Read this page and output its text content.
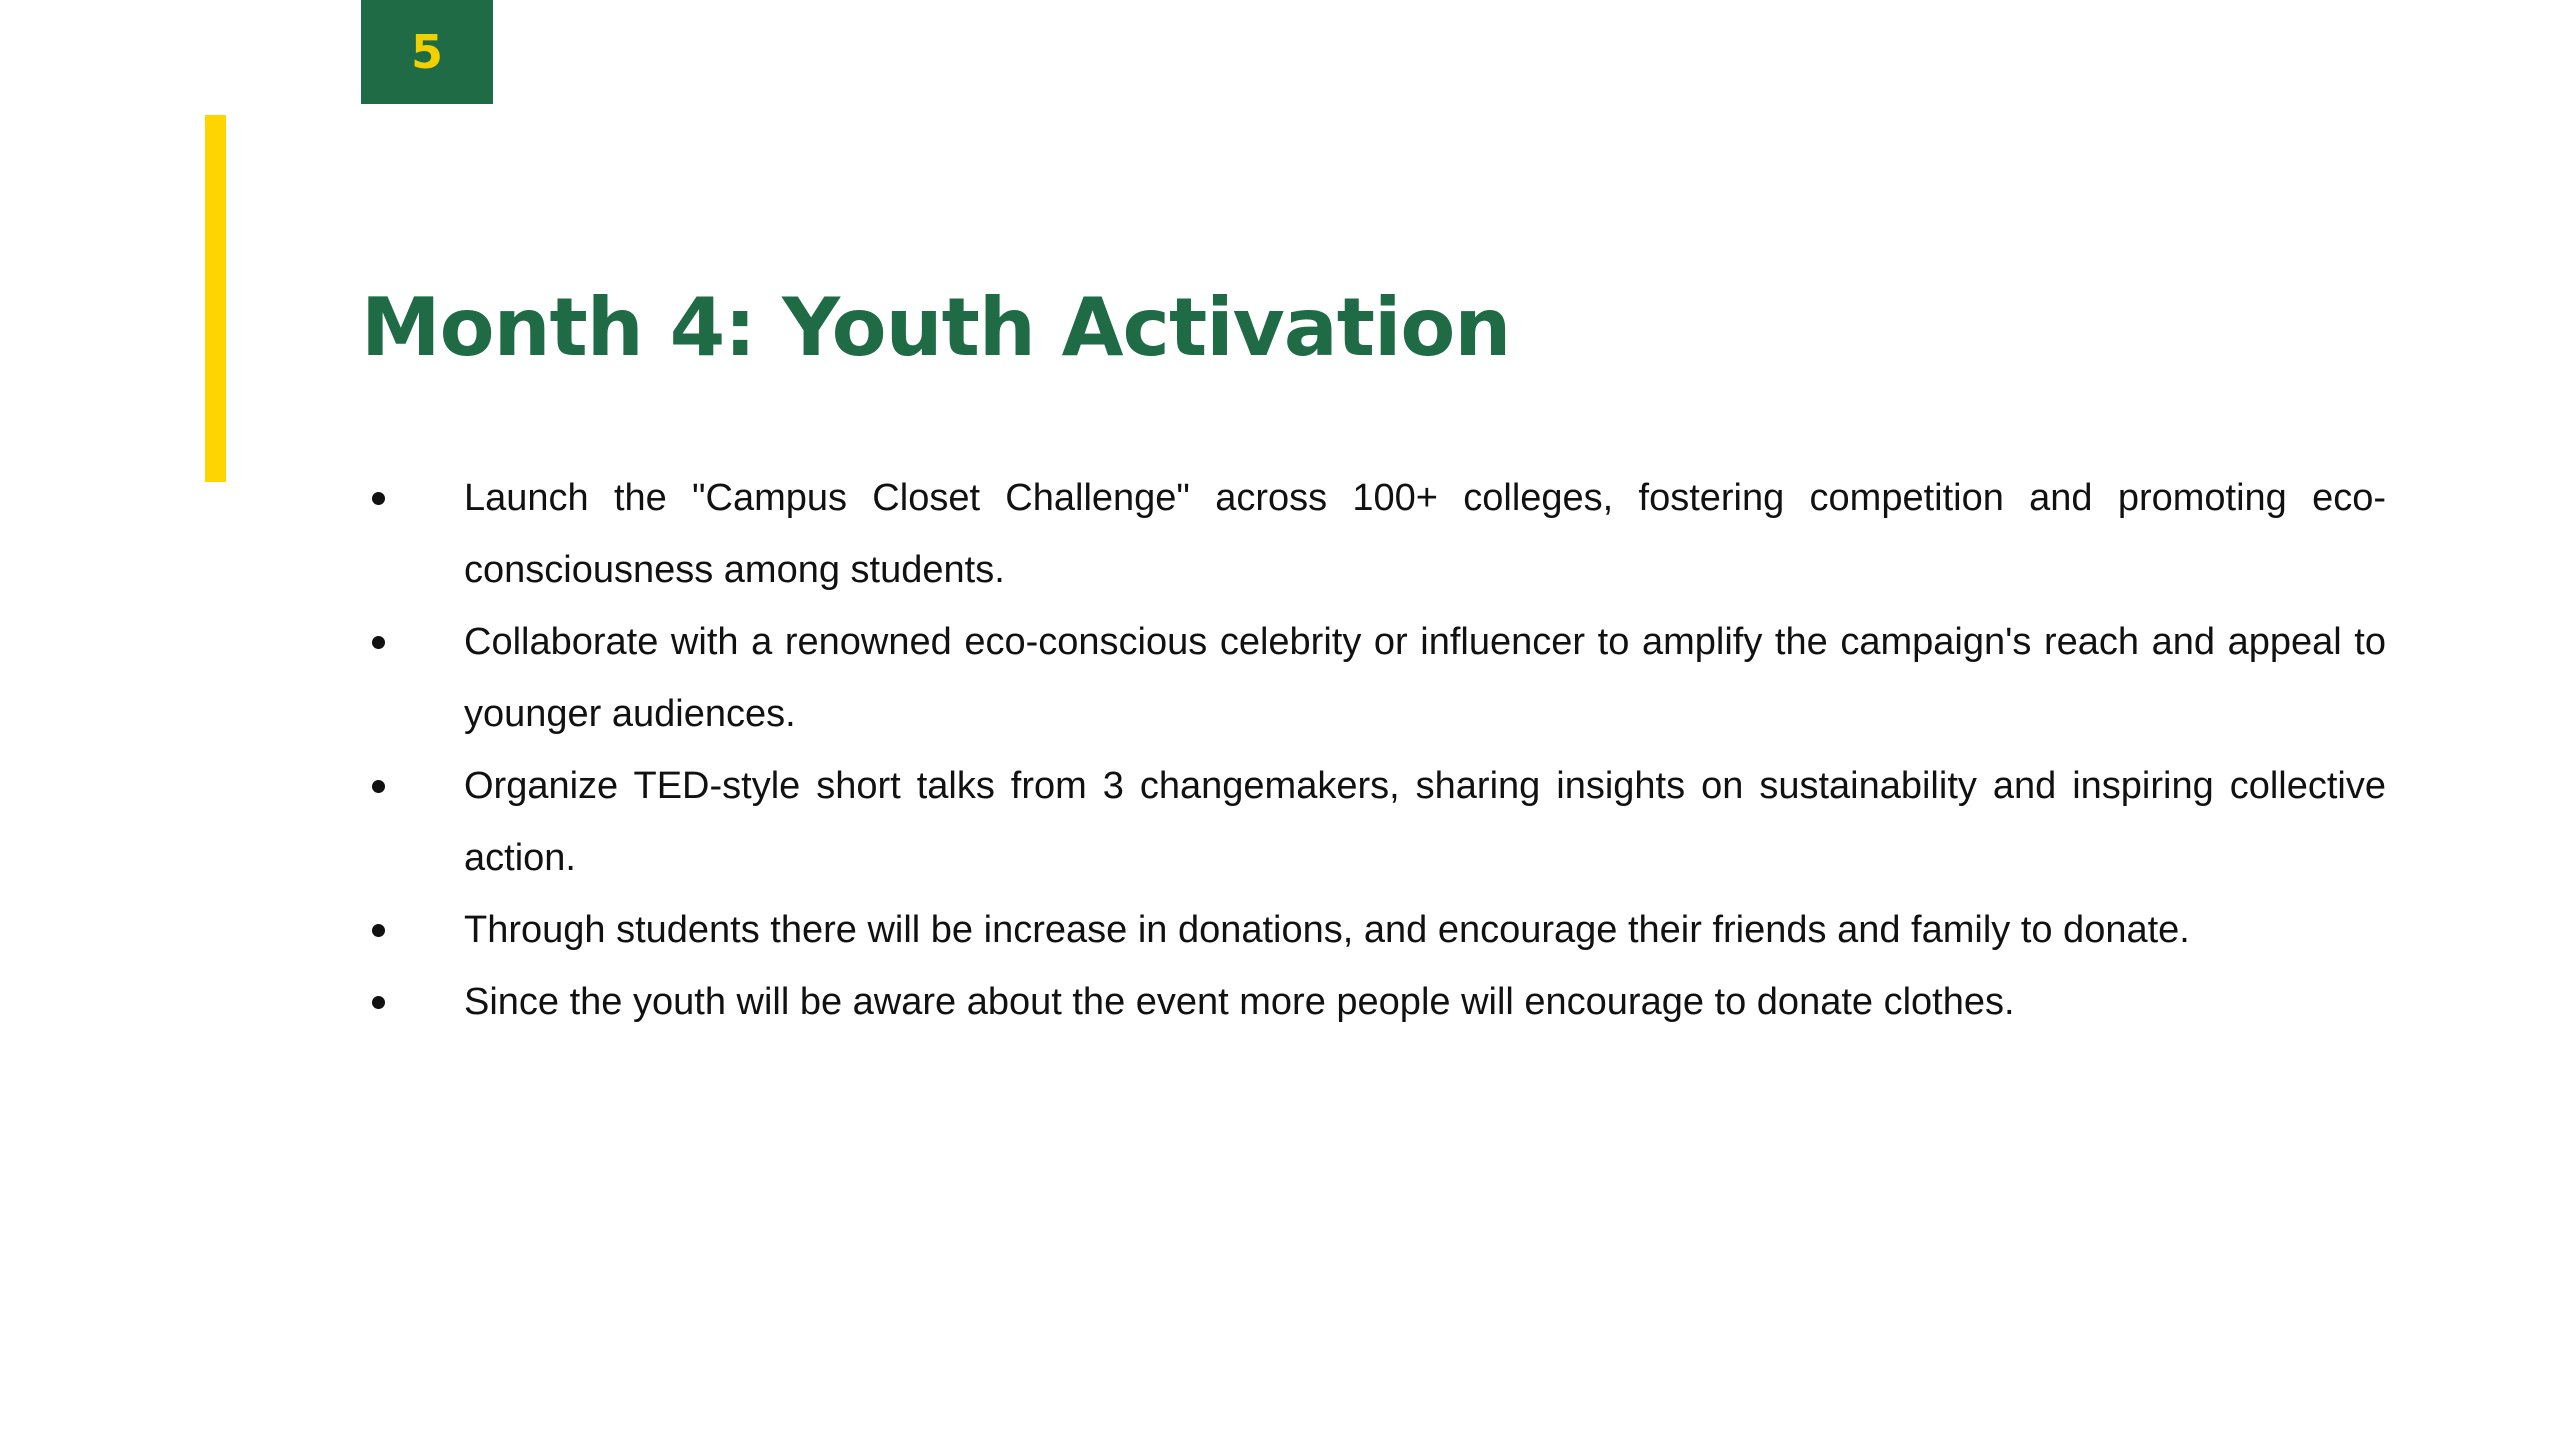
5
Month 4: Youth Activation
Launch the "Campus Closet Challenge" across 100+ colleges, fostering competition and promoting eco-consciousness among students.
Collaborate with a renowned eco-conscious celebrity or influencer to amplify the campaign's reach and appeal to younger audiences.
Organize TED-style short talks from 3 changemakers, sharing insights on sustainability and inspiring collective action.
Through students there will be increase in donations, and encourage their friends and family to donate.
Since the youth will be aware about the event more people will encourage to donate clothes.
